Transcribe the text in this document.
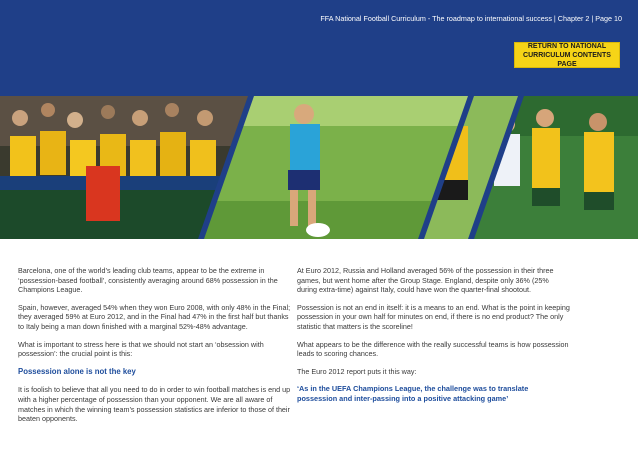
FFA National Football Curriculum - The roadmap to international success | Chapter 2 | Page 10
RETURN TO NATIONAL
CURRICULUM CONTENTS PAGE

Barcelona, one of the world’s leading club teams, appear to be the extreme in ‘possession-based football’, consistently averaging around 68% possession in the Champions League.

Spain, however, averaged 54% when they won Euro 2008, with only 48% in the Final; they averaged 59% at Euro 2012, and in the Final had 47% in the first half but thanks to Italy being a man down finished with a marginal 52%-48% advantage.

What is important to stress here is that we should not start an ‘obsession with possession’: the crucial point is this:

Possession alone is not the key

It is foolish to believe that all you need to do in order to win football matches is end up with a higher percentage of possession than your opponent. We are all aware of matches in which the winning team’s possession statistics are inferior to those of their beaten opponents.

At Euro 2012, Russia and Holland averaged 56% of the possession in their three games, but went home after the Group Stage. England, despite only 36% (25% during extra-time) against Italy, could have won the quarter-final shootout.

Possession is not an end in itself: it is a means to an end. What is the point in keeping possession in your own half for minutes on end, if there is no end product? The only statistic that matters is the scoreline!

What appears to be the difference with the really successful teams is how possession leads to scoring chances.

The Euro 2012 report puts it this way:

‘As in the UEFA Champions League, the challenge was to translate possession and inter-passing into a positive attacking game’
